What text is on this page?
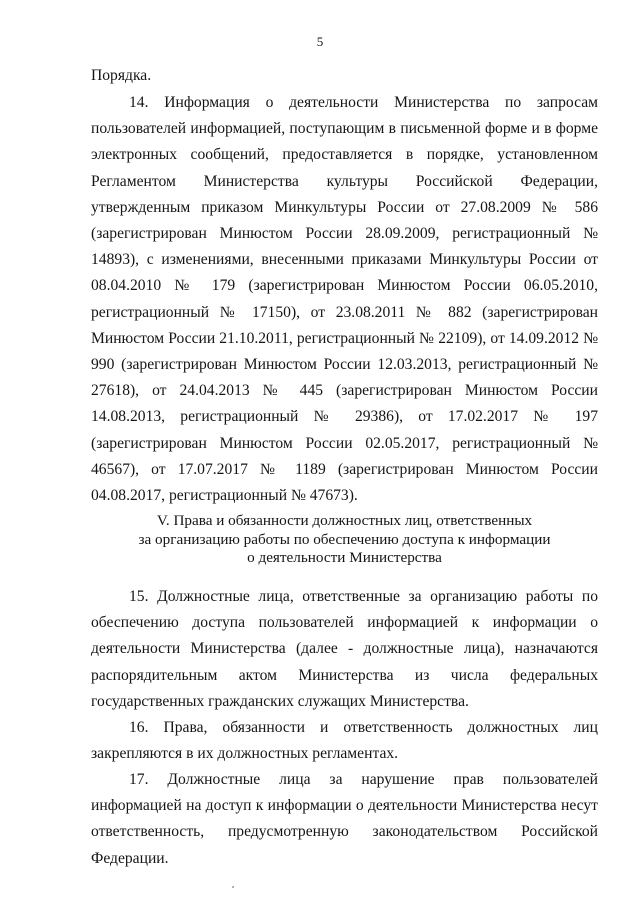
5

Порядка.

14. Информация о деятельности Министерства по запросам пользователей информацией, поступающим в письменной форме и в форме электронных сообщений, предоставляется в порядке, установленном Регламентом Министерства культуры Российской Федерации, утвержденным приказом Минкультуры России от 27.08.2009 № 586 (зарегистрирован Минюстом России 28.09.2009, регистрационный № 14893), с изменениями, внесенными приказами Минкультуры России от 08.04.2010 № 179 (зарегистрирован Минюстом России 06.05.2010, регистрационный № 17150), от 23.08.2011 № 882 (зарегистрирован Минюстом России 21.10.2011, регистрационный № 22109), от 14.09.2012 № 990 (зарегистрирован Минюстом России 12.03.2013, регистрационный № 27618), от 24.04.2013 № 445 (зарегистрирован Минюстом России 14.08.2013, регистрационный № 29386), от 17.02.2017 № 197 (зарегистрирован Минюстом России 02.05.2017, регистрационный № 46567), от 17.07.2017 № 1189 (зарегистрирован Минюстом России 04.08.2017, регистрационный № 47673).

V. Права и обязанности должностных лиц, ответственных
за организацию работы по обеспечению доступа к информации
о деятельности Министерства

15. Должностные лица, ответственные за организацию работы по обеспечению доступа пользователей информацией к информации о деятельности Министерства (далее - должностные лица), назначаются распорядительным актом Министерства из числа федеральных государственных гражданских служащих Министерства.

16. Права, обязанности и ответственность должностных лиц закрепляются в их должностных регламентах.

17. Должностные лица за нарушение прав пользователей информацией на доступ к информации о деятельности Министерства несут ответственность, предусмотренную законодательством Российской Федерации.
